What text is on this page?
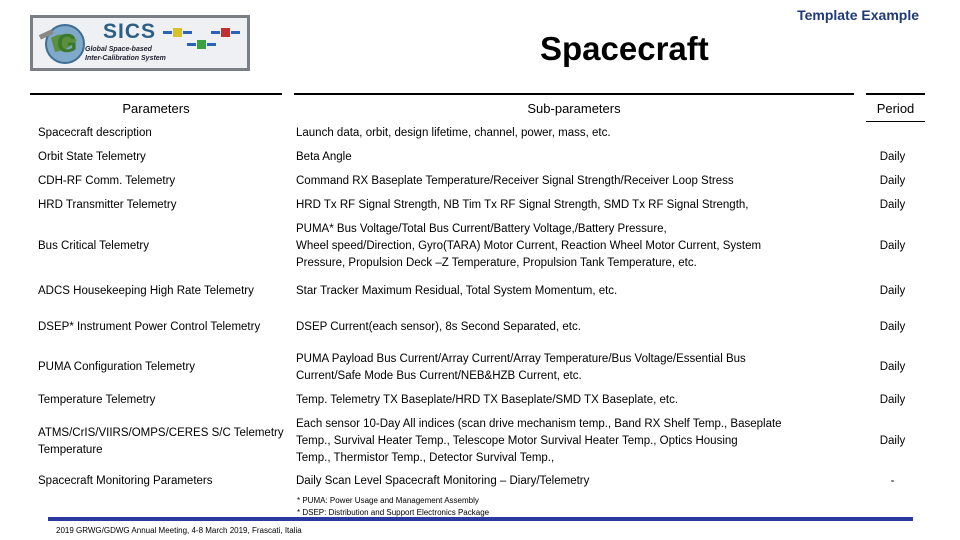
G SICS
Global Space-based
Inter-Calibration System
Template Example
Spacecraft
Parameters	Sub-parameters	Period
Spacecraft description	Launch data, orbit, design lifetime, channel, power, mass, etc.	
Orbit State Telemetry	Beta Angle	Daily
CDH-RF Comm. Telemetry	Command RX Baseplate Temperature/Receiver Signal Strength/Receiver Loop Stress	Daily
HRD Transmitter Telemetry	HRD Tx RF Signal Strength, NB Tim Tx RF Signal Strength, SMD Tx RF Signal Strength,	Daily
Bus Critical Telemetry	PUMA* Bus Voltage/Total Bus Current/Battery Voltage,/Battery Pressure,
Wheel speed/Direction, Gyro(TARA) Motor Current, Reaction Wheel Motor Current, System
Pressure, Propulsion Deck –Z Temperature, Propulsion Tank Temperature, etc.	Daily
ADCS Housekeeping High Rate Telemetry	Star Tracker Maximum Residual, Total System Momentum, etc.	Daily
DSEP* Instrument Power Control Telemetry	DSEP Current(each sensor), 8s Second Separated, etc.	Daily
PUMA Configuration Telemetry	PUMA Payload Bus Current/Array Current/Array Temperature/Bus Voltage/Essential Bus
Current/Safe Mode Bus Current/NEB&HZB Current, etc.	Daily
Temperature Telemetry	Temp. Telemetry TX Baseplate/HRD TX Baseplate/SMD TX Baseplate, etc.	Daily
ATMS/CrIS/VIIRS/OMPS/CERES S/C Telemetry Temperature	Each sensor 10-Day All indices (scan drive mechanism temp., Band RX Shelf Temp., Baseplate
Temp., Survival Heater Temp., Telescope Motor Survival Heater Temp., Optics Housing
Temp., Thermistor Temp., Detector Survival Temp.,	Daily
Spacecraft Monitoring Parameters	Daily Scan Level Spacecraft Monitoring – Diary/Telemetry	-
* PUMA: Power Usage and Management Assembly
* DSEP: Distribution and Support Electronics Package
2019 GRWG/GDWG Annual Meeting, 4-8 March 2019, Frascati, Italia
